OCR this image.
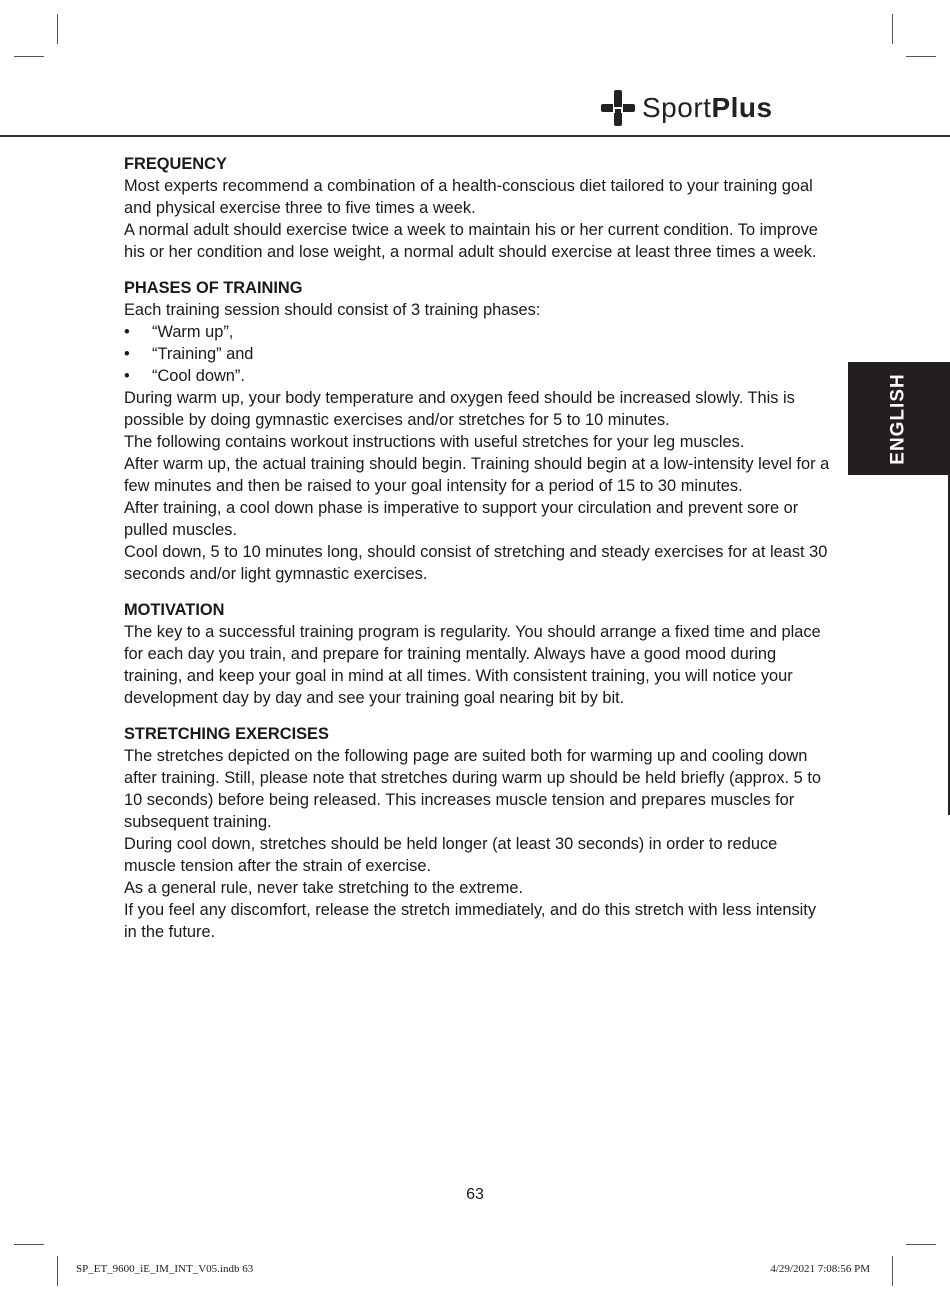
SportPlus
ENGLISH
FREQUENCY

Most experts recommend a combination of a health-conscious diet tailored to your training goal and physical exercise three to five times a week.

A normal adult should exercise twice a week to maintain his or her current condition. To improve his or her condition and lose weight, a normal adult should exercise at least three times a week.

PHASES OF TRAINING

Each training session should consist of 3 training phases:

• “Warm up”,
• “Training” and
• “Cool down”.

During warm up, your body temperature and oxygen feed should be increased slowly. This is possible by doing gymnastic exercises and/or stretches for 5 to 10 minutes.

The following contains workout instructions with useful stretches for your leg muscles.

After warm up, the actual training should begin. Training should begin at a low-intensity level for a few minutes and then be raised to your goal intensity for a period of 15 to 30 minutes.

After training, a cool down phase is imperative to support your circulation and prevent sore or pulled muscles.

Cool down, 5 to 10 minutes long, should consist of stretching and steady exercises for at least 30 seconds and/or light gymnastic exercises.

MOTIVATION

The key to a successful training program is regularity. You should arrange a fixed time and place for each day you train, and prepare for training mentally. Always have a good mood during training, and keep your goal in mind at all times. With consistent training, you will notice your development day by day and see your training goal nearing bit by bit.

STRETCHING EXERCISES

The stretches depicted on the following page are suited both for warming up and cooling down after training. Still, please note that stretches during warm up should be held briefly (approx. 5 to 10 seconds) before being released. This increases muscle tension and prepares muscles for subsequent training.

During cool down, stretches should be held longer (at least 30 seconds) in order to reduce muscle tension after the strain of exercise.

As a general rule, never take stretching to the extreme.

If you feel any discomfort, release the stretch immediately, and do this stretch with less intensity in the future.

63
SP_ET_9600_iE_IM_INT_V05.indb 63	4/29/2021 7:08:56 PM
